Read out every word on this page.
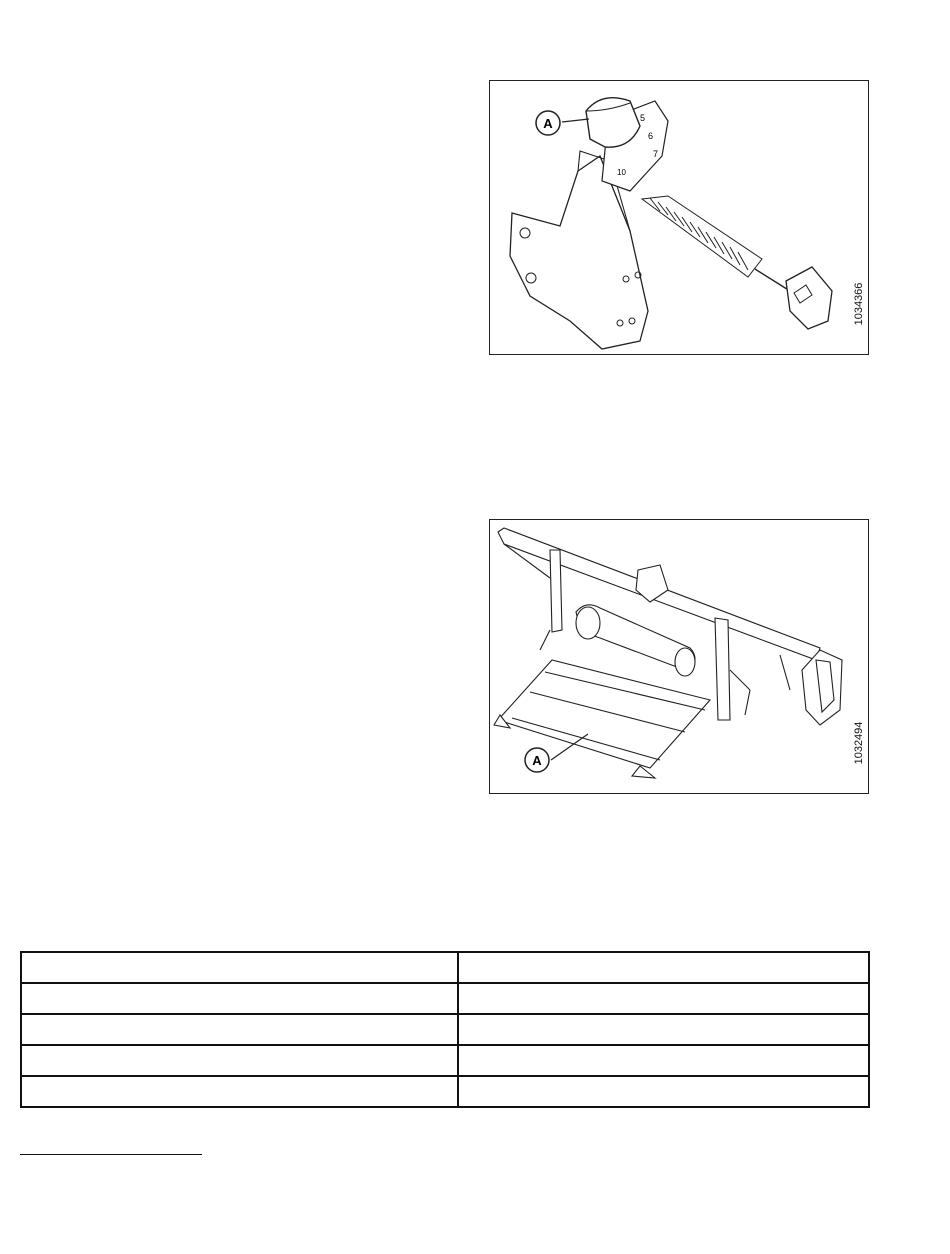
5
6
7
10
A
1034366
A	1032494
